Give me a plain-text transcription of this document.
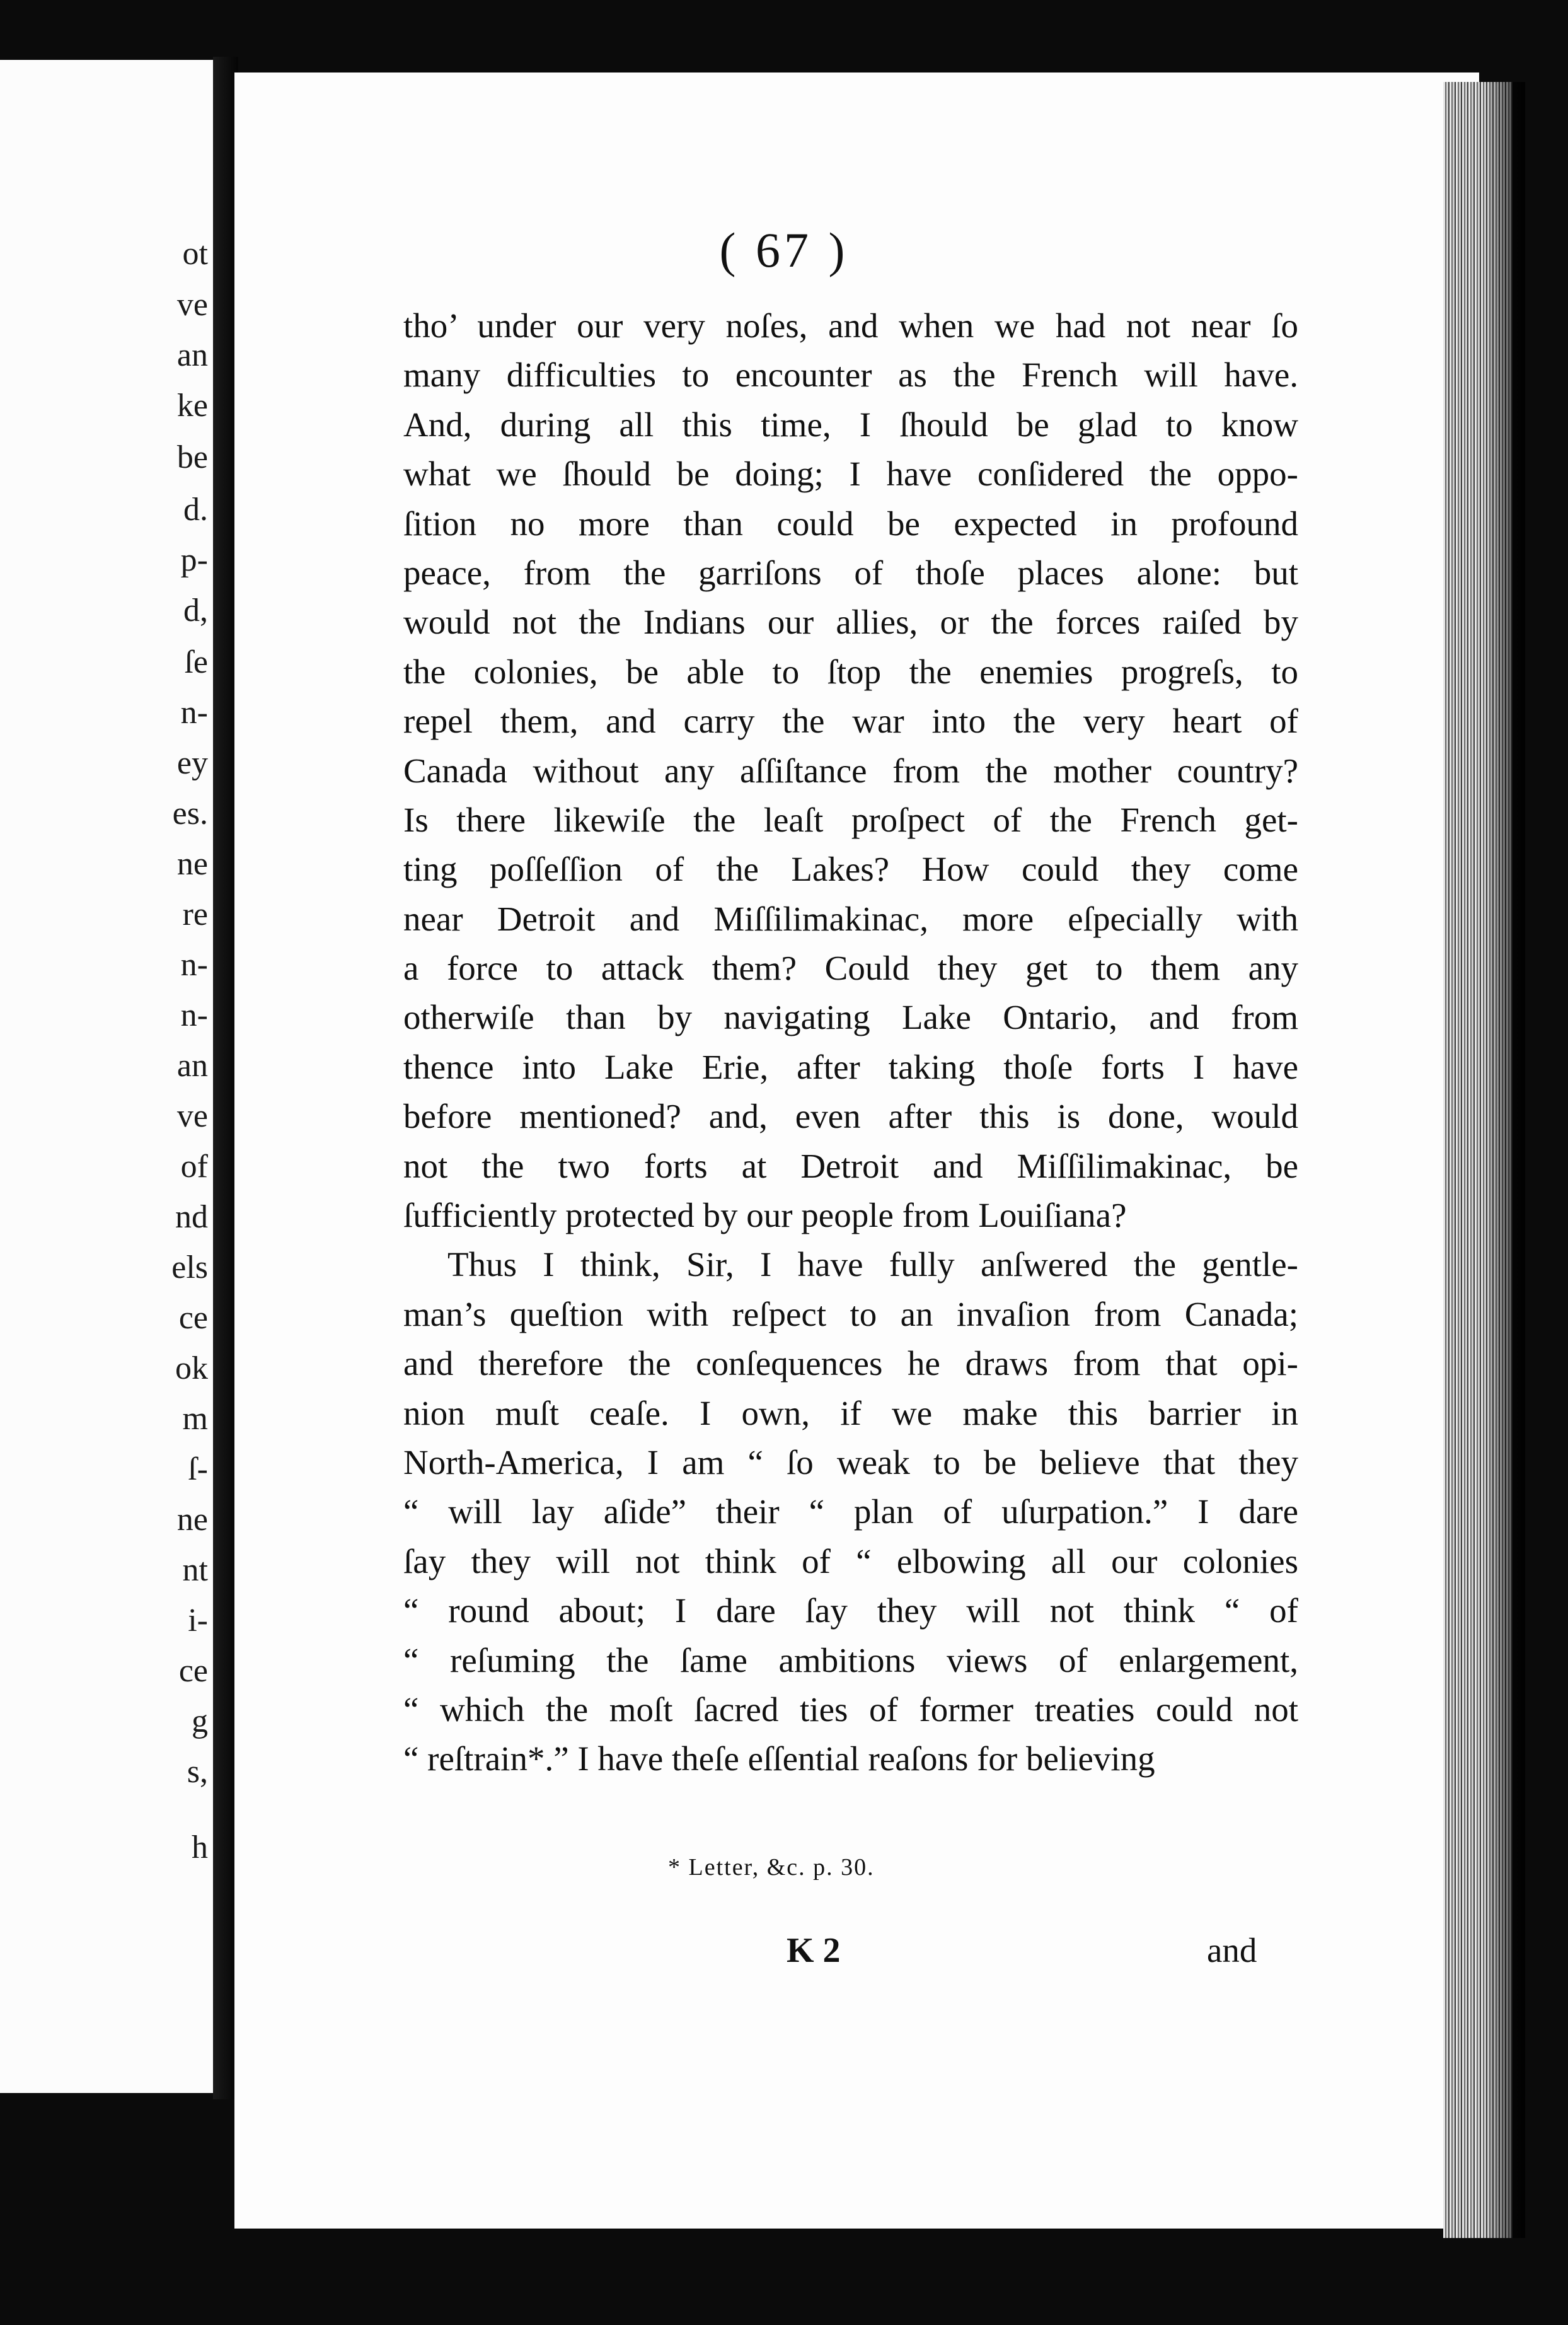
ot
ve
an
ke
be
d.
p-
d,
ſe
n-
ey
es.
ne
re
n-
n-
an
ve
of
nd
els
ce
ok
m
ſ-
ne
nt
i-
ce
g
s,
h
( 67 )
tho’ under our very noſes, and when we had not near ſo
many difficulties to encounter as the French will have.
And, during all this time, I ſhould be glad to know
what we ſhould be doing; I have conſidered the oppo-
ſition no more than could be expected in profound
peace, from the garriſons of thoſe places alone: but
would not the Indians our allies, or the forces raiſed by
the colonies, be able to ſtop the enemies progreſs, to
repel them, and carry the war into the very heart of
Canada without any aſſiſtance from the mother country?
Is there likewiſe the leaſt proſpect of the French get-
ting poſſeſſion of the Lakes? How could they come
near Detroit and Miſſilimakinac, more eſpecially with
a force to attack them? Could they get to them any
otherwiſe than by navigating Lake Ontario, and from
thence into Lake Erie, after taking thoſe forts I have
before mentioned? and, even after this is done, would
not the two forts at Detroit and Miſſilimakinac, be
ſufficiently protected by our people from Louiſiana?
Thus I think, Sir, I have fully anſwered the gentle-
man’s queſtion with reſpect to an invaſion from Canada;
and therefore the conſequences he draws from that opi-
nion muſt ceaſe. I own, if we make this barrier in
North-America, I am “ ſo weak to be believe that they
“ will lay aſide” their “ plan of uſurpation.” I dare
ſay they will not think of “ elbowing all our colonies
“ round about; I dare ſay they will not think “ of
“ reſuming the ſame ambitions views of enlargement,
“ which the moſt ſacred ties of former treaties could not
“ reſtrain*.” I have theſe eſſential reaſons for believing
* Letter, &c. p. 30.
K 2	and
